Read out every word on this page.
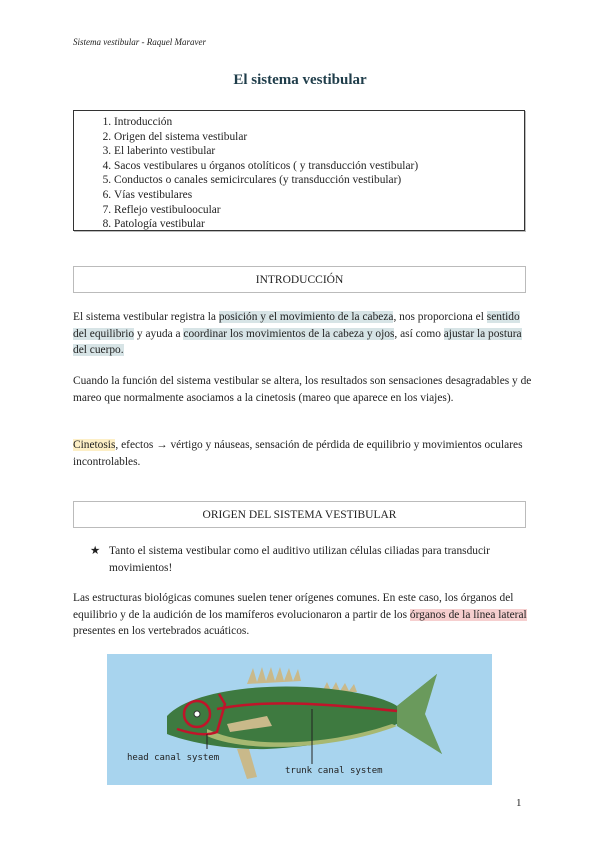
Sistema vestibular - Raquel Maraver
El sistema vestibular
1. Introducción
2. Origen del sistema vestibular
3. El laberinto vestibular
4. Sacos vestibulares u órganos otolíticos ( y transducción vestibular)
5. Conductos o canales semicirculares (y transducción vestibular)
6. Vías vestibulares
7. Reflejo vestibuloocular
8. Patología vestibular
INTRODUCCIÓN
El sistema vestibular registra la posición y el movimiento de la cabeza, nos proporciona el sentido del equilibrio y ayuda a coordinar los movimientos de la cabeza y ojos, así como ajustar la postura del cuerpo.
Cuando la función del sistema vestibular se altera, los resultados son sensaciones desagradables y de mareo que normalmente asociamos a la cinetosis (mareo que aparece en los viajes).
Cinetosis, efectos → vértigo y náuseas, sensación de pérdida de equilibrio y movimientos oculares incontrolables.
ORIGEN DEL SISTEMA VESTIBULAR
★ Tanto el sistema vestibular como el auditivo utilizan células ciliadas para transducir movimientos!
Las estructuras biológicas comunes suelen tener orígenes comunes. En este caso, los órganos del equilibrio y de la audición de los mamíferos evolucionaron a partir de los órganos de la línea lateral presentes en los vertebrados acuáticos.
head canal system
trunk canal system
1
